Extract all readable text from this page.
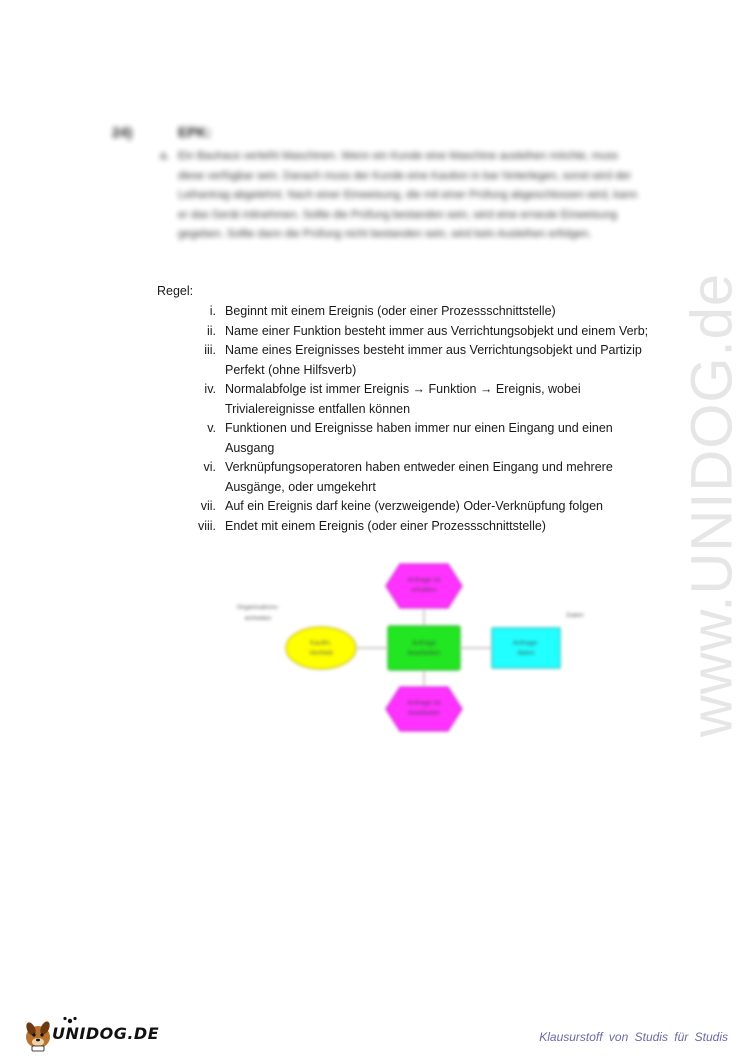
www.UNIDOG.de
24)	EPK:
a. Ein Bauhaus verleiht Maschinen. Wenn ein Kunde eine Maschine ausleihen möchte, muss diese verfügbar sein. Danach muss der Kunde eine Kaution in bar hinterlegen, sonst wird der Leihantrag abgelehnt. Nach einer Einweisung, die mit einer Prüfung abgeschlossen wird, kann er das Gerät mitnehmen. Sollte die Prüfung bestanden sein, wird eine erneute Einweisung gegeben. Sollte dann die Prüfung nicht bestanden sein, wird kein Ausleihen erfolgen.
Regel:
i. Beginnt mit einem Ereignis (oder einer Prozessschnittstelle)
ii. Name einer Funktion besteht immer aus Verrichtungsobjekt und einem Verb;
iii. Name eines Ereignisses besteht immer aus Verrichtungsobjekt und Partizip Perfekt (ohne Hilfsverb)
iv. Normalabfolge ist immer Ereignis → Funktion → Ereignis, wobei Trivialereignisse entfallen können
v. Funktionen und Ereignisse haben immer nur einen Eingang und einen Ausgang
vi. Verknüpfungsoperatoren haben entweder einen Eingang und mehrere Ausgänge, oder umgekehrt
vii. Auf ein Ereignis darf keine (verzweigende) Oder-Verknüpfung folgen
viii. Endet mit einem Ereignis (oder einer Prozessschnittstelle)
Anfrage ist erhalten
Anfrage bearbeiten
Anfrage ist bearbeitet
Kaufm. Vertrieb
Anfrage-daten
Organisations-einheiten	Daten
UNIDOG.DE	Klausurstoff von Studis für Studis
